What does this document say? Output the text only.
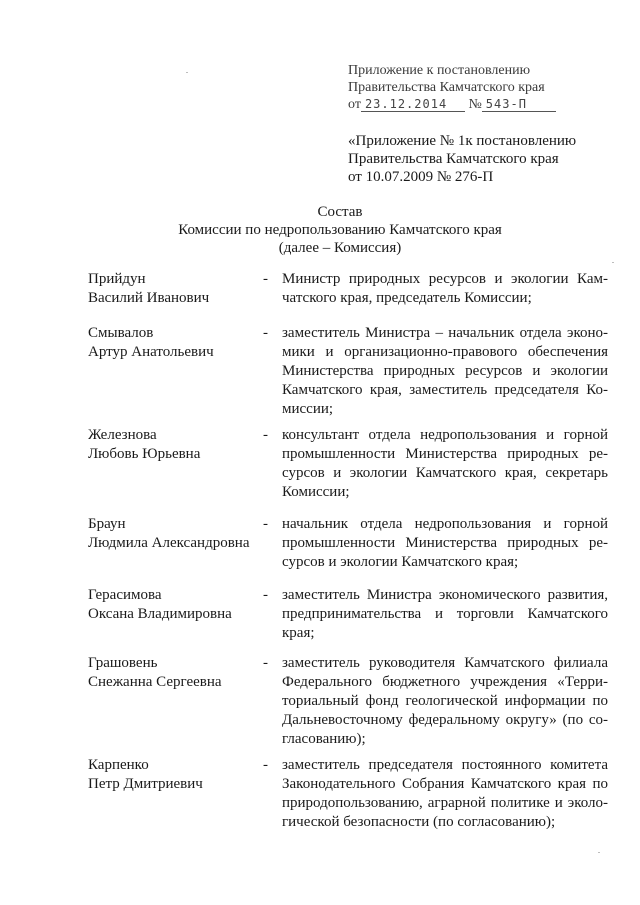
Приложение к постановлению
Правительства Камчатского края
от 23.12.2014 № 543-П
«Приложение № 1к постановлению
Правительства Камчатского края
от 10.07.2009 № 276-П
Состав
Комиссии по недропользованию Камчатского края
(далее – Комиссия)
Прийдун
Василий Иванович
- Министр природных ресурсов и экологии Кам-
чатского края, председатель Комиссии;
Смывалов
Артур Анатольевич
- заместитель Министра – начальник отдела эконо-
мики и организационно-правового обеспечения
Министерства природных ресурсов и экологии
Камчатского края, заместитель председателя Ко-
миссии;
Железнова
Любовь Юрьевна
- консультант отдела недропользования и горной
промышленности Министерства природных ре-
сурсов и экологии Камчатского края, секретарь
Комиссии;
Браун
Людмила Александровна
- начальник отдела недропользования и горной
промышленности Министерства природных ре-
сурсов и экологии Камчатского края;
Герасимова
Оксана Владимировна
- заместитель Министра экономического развития,
предпринимательства и торговли Камчатского
края;
Грашовень
Снежанна Сергеевна
- заместитель руководителя Камчатского филиала
Федерального бюджетного учреждения «Терри-
ториальный фонд геологической информации по
Дальневосточному федеральному округу» (по со-
гласованию);
Карпенко
Петр Дмитриевич
- заместитель председателя постоянного комитета
Законодательного Собрания Камчатского края по
природопользованию, аграрной политике и эколо-
гической безопасности (по согласованию);
